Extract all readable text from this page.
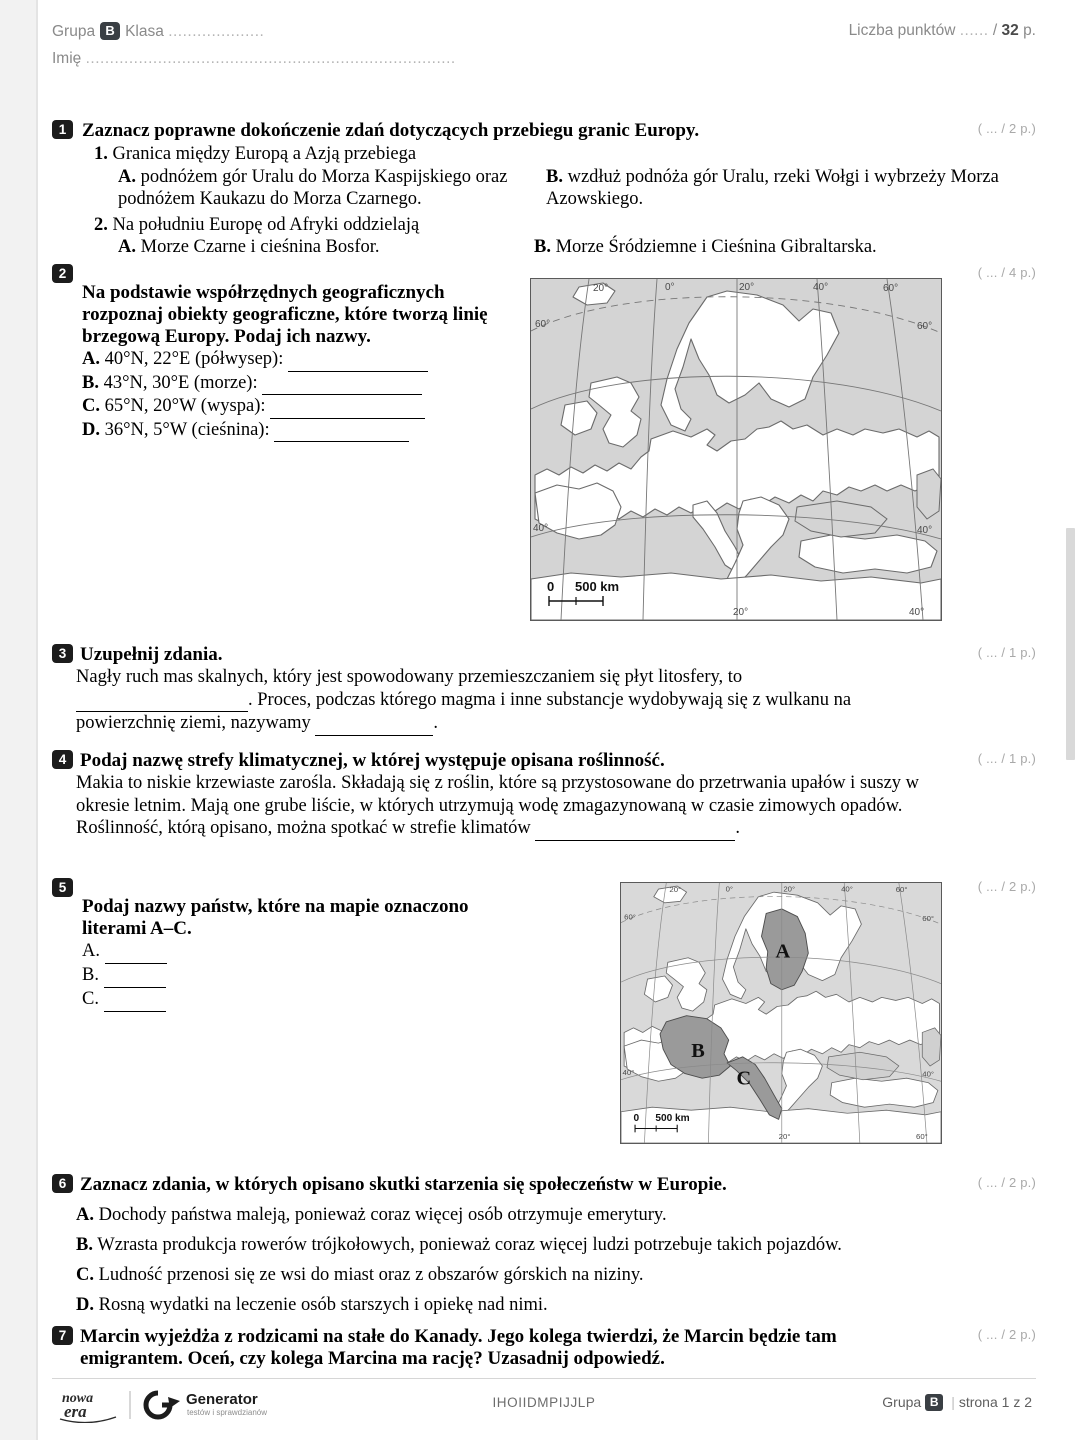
Grupa B Klasa ....................	Liczba punktów ...... / 32 p.
Imię .............................................................................
1	( ... / 2 p.)

Zaznacz poprawne dokończenie zdań dotyczących przebiegu granic Europy.

1. Granica między Europą a Azją przebiega
A. podnóżem gór Uralu do Morza Kaspijskiego oraz podnóżem Kaukazu do Morza Czarnego.
B. wzdłuż podnóża gór Uralu, rzeki Wołgi i wybrzeży Morza Azowskiego.
2. Na południu Europę od Afryki oddzielają
A. Morze Czarne i cieśnina Bosfor.	B. Morze Śródziemne i Cieśnina Gibraltarska.
2	( ... / 4 p.)

Na podstawie współrzędnych geograficznych rozpoznaj obiekty geograficzne, które tworzą linię brzegową Europy. Podaj ich nazwy.

A. 40°N, 22°E (półwysep):
B. 43°N, 30°E (morze):
C. 65°N, 20°W (wyspa):
D. 36°N, 5°W (cieśnina):
20°	0°	20°	40°	60°
60°	60°
40°	40°
20°	40°
0 500 km
3	( ... / 1 p.)

Uzupełnij zdania.

Nagły ruch mas skalnych, który jest spowodowany przemieszczaniem się płyt litosfery, to
. Proces, podczas którego magma i inne substancje wydobywają się z wulkanu na
powierzchnię ziemi, nazywamy	.
4	( ... / 1 p.)

Podaj nazwę strefy klimatycznej, w której występuje opisana roślinność.

Makia to niskie krzewiaste zarośla. Składają się z roślin, które są przystosowane do przetrwania upałów i suszy w okresie letnim. Mają one grube liście, w których utrzymują wodę zmagazynowaną w czasie zimowych opadów.
Roślinność, którą opisano, można spotkać w strefie klimatów	.
5	( ... / 2 p.)

Podaj nazwy państw, które na mapie oznaczono literami A–C.

A.
B.
C.
20°	0°	20°	40°	60°
60°	60°
40°	40°
20°	60°
A
B
C
0 500 km
6	( ... / 2 p.)

Zaznacz zdania, w których opisano skutki starzenia się społeczeństw w Europie.

A. Dochody państwa maleją, ponieważ coraz więcej osób otrzymuje emerytury.
B. Wzrasta produkcja rowerów trójkołowych, ponieważ coraz więcej ludzi potrzebuje takich pojazdów.
C. Ludność przenosi się ze wsi do miast oraz z obszarów górskich na niziny.
D. Rosną wydatki na leczenie osób starszych i opiekę nad nimi.
7	( ... / 2 p.)

Marcin wyjeżdża z rodzicami na stałe do Kanady. Jego kolega twierdzi, że Marcin będzie tam emigrantem. Oceń, czy kolega Marcina ma rację? Uzasadnij odpowiedź.

nowa
era
Generator
testów i sprawdzianów
IHOIIDMPIJJLP	Grupa B | strona 1 z 2
